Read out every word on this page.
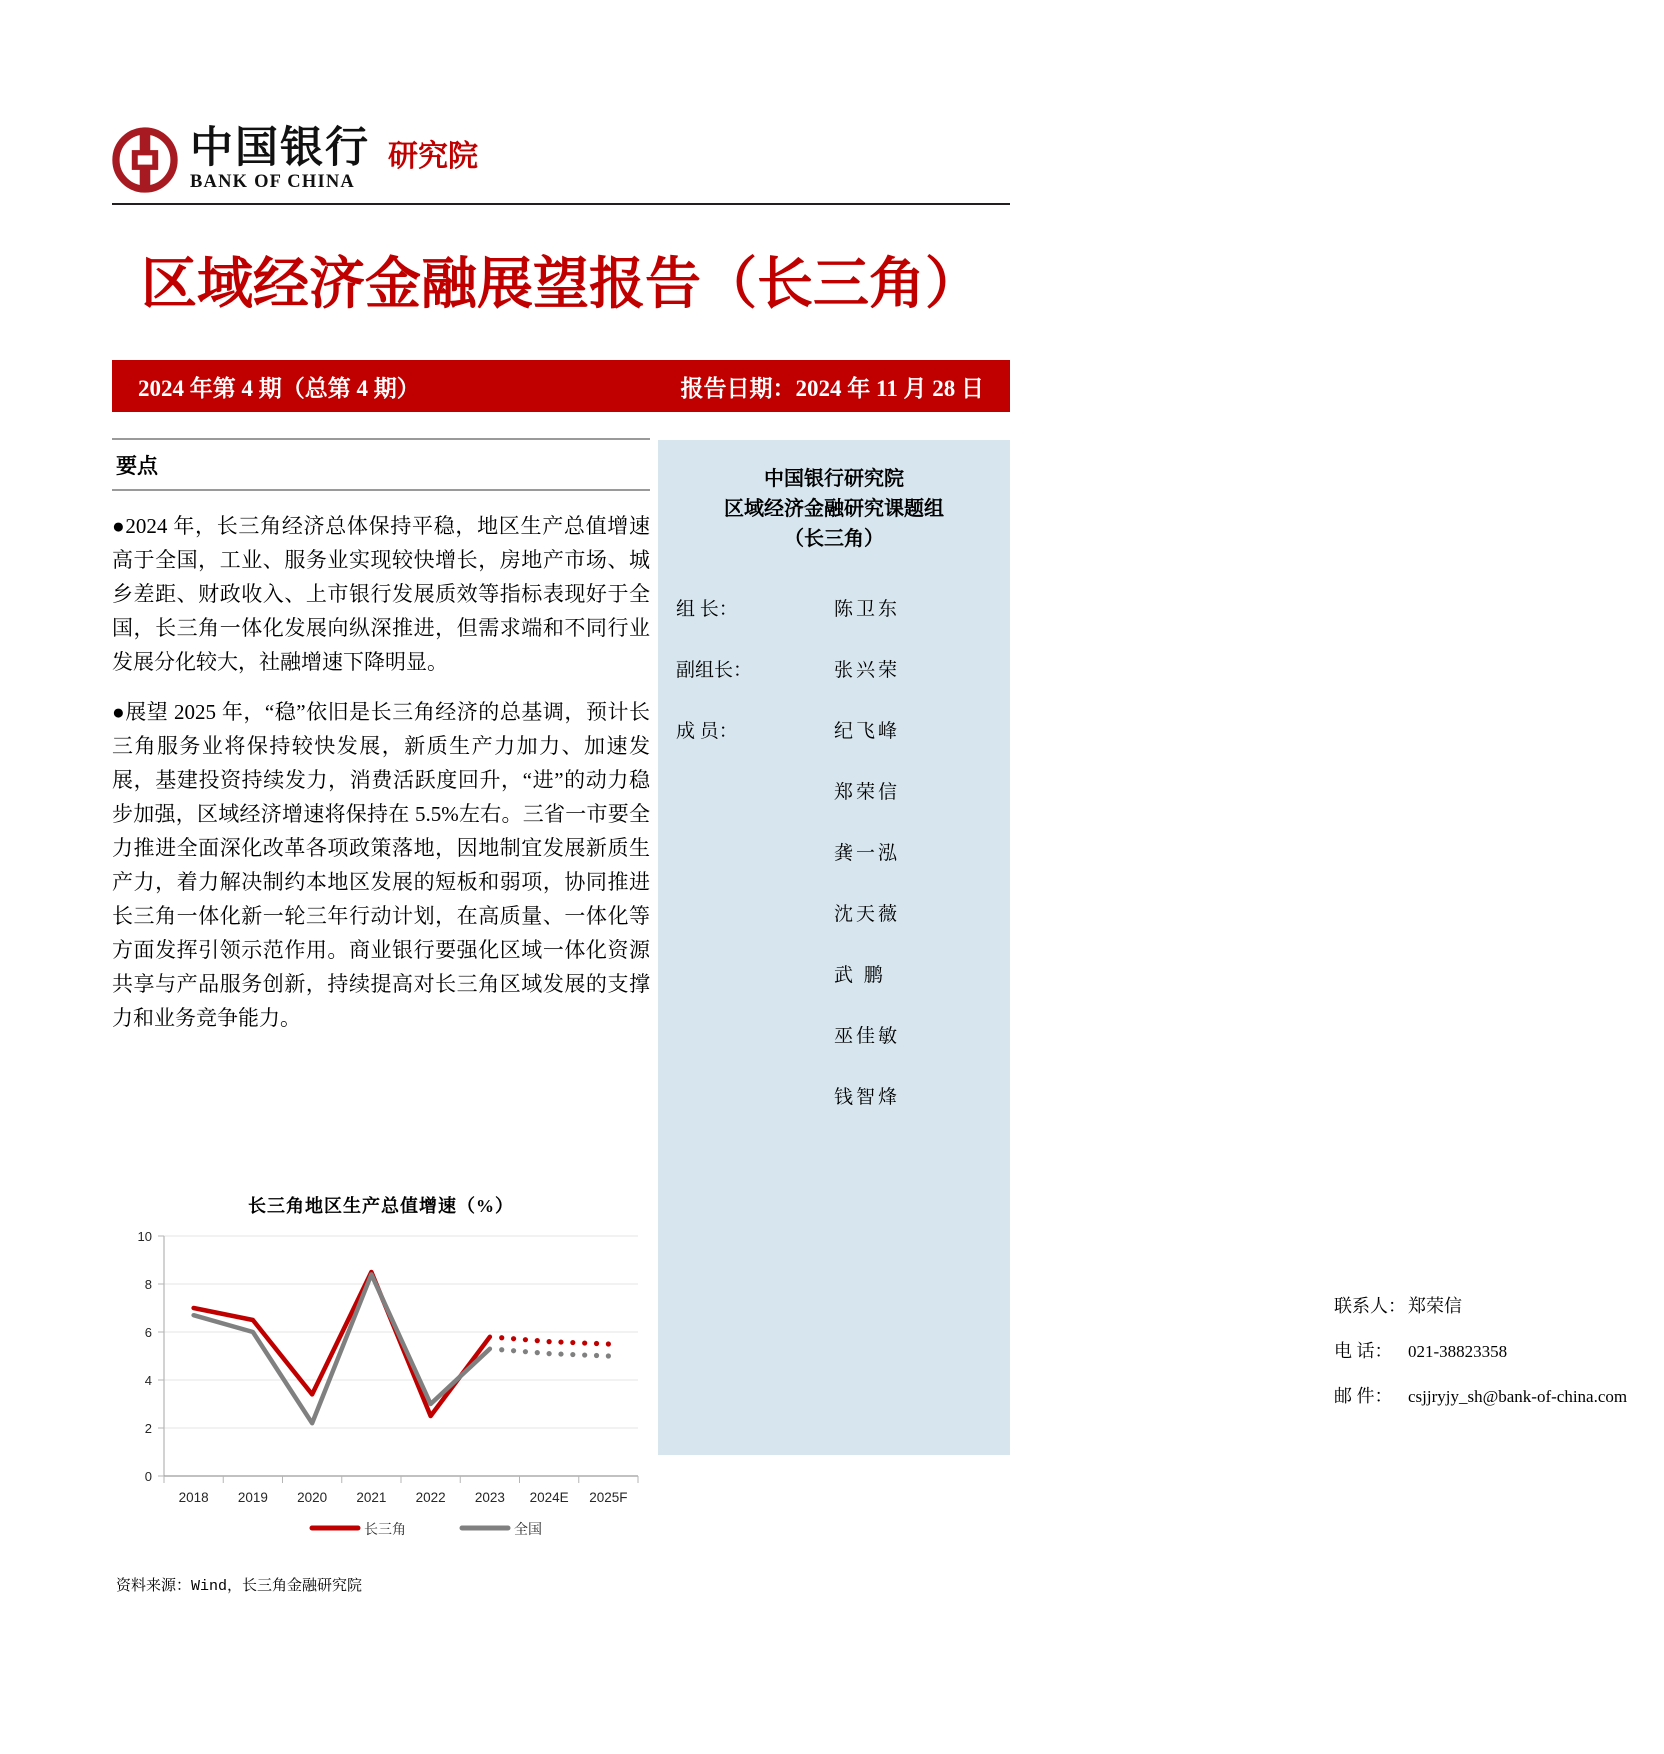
中国银行
BANK OF CHINA
研究院
区域经济金融展望报告（长三角）
2024 年第 4 期（总第 4 期）	报告日期：2024 年 11 月 28 日
要点

●2024 年，长三角经济总体保持平稳，地区生产总值增速高于全国，工业、服务业实现较快增长，房地产市场、城乡差距、财政收入、上市银行发展质效等指标表现好于全国，长三角一体化发展向纵深推进，但需求端和不同行业发展分化较大，社融增速下降明显。

●展望 2025 年，“稳”依旧是长三角经济的总基调，预计长三角服务业将保持较快发展，新质生产力加力、加速发展，基建投资持续发力，消费活跃度回升，“进”的动力稳步加强，区域经济增速将保持在 5.5%左右。三省一市要全力推进全面深化改革各项政策落地，因地制宜发展新质生产力，着力解决制约本地区发展的短板和弱项，协同推进长三角一体化新一轮三年行动计划，在高质量、一体化等方面发挥引领示范作用。商业银行要强化区域一体化资源共享与产品服务创新，持续提高对长三角区域发展的支撑力和业务竞争能力。

长三角地区生产总值增速（%）
0
2
4
6
8
10
2018 2019 2020 2021 2022 2023 2024E 2025F
长三角	全国
资料来源：Wind，长三角金融研究院
中国银行研究院
区域经济金融研究课题组
（长三角）
组 长：	陈卫东
副组长：	张兴荣
成 员：	纪飞峰
郑荣信
龚一泓
沈天薇
武 鹏
巫佳敏
钱智烽
联系人： 郑荣信
电 话： 021-38823358
邮 件： csjjryjy_sh@bank-of-china.com
